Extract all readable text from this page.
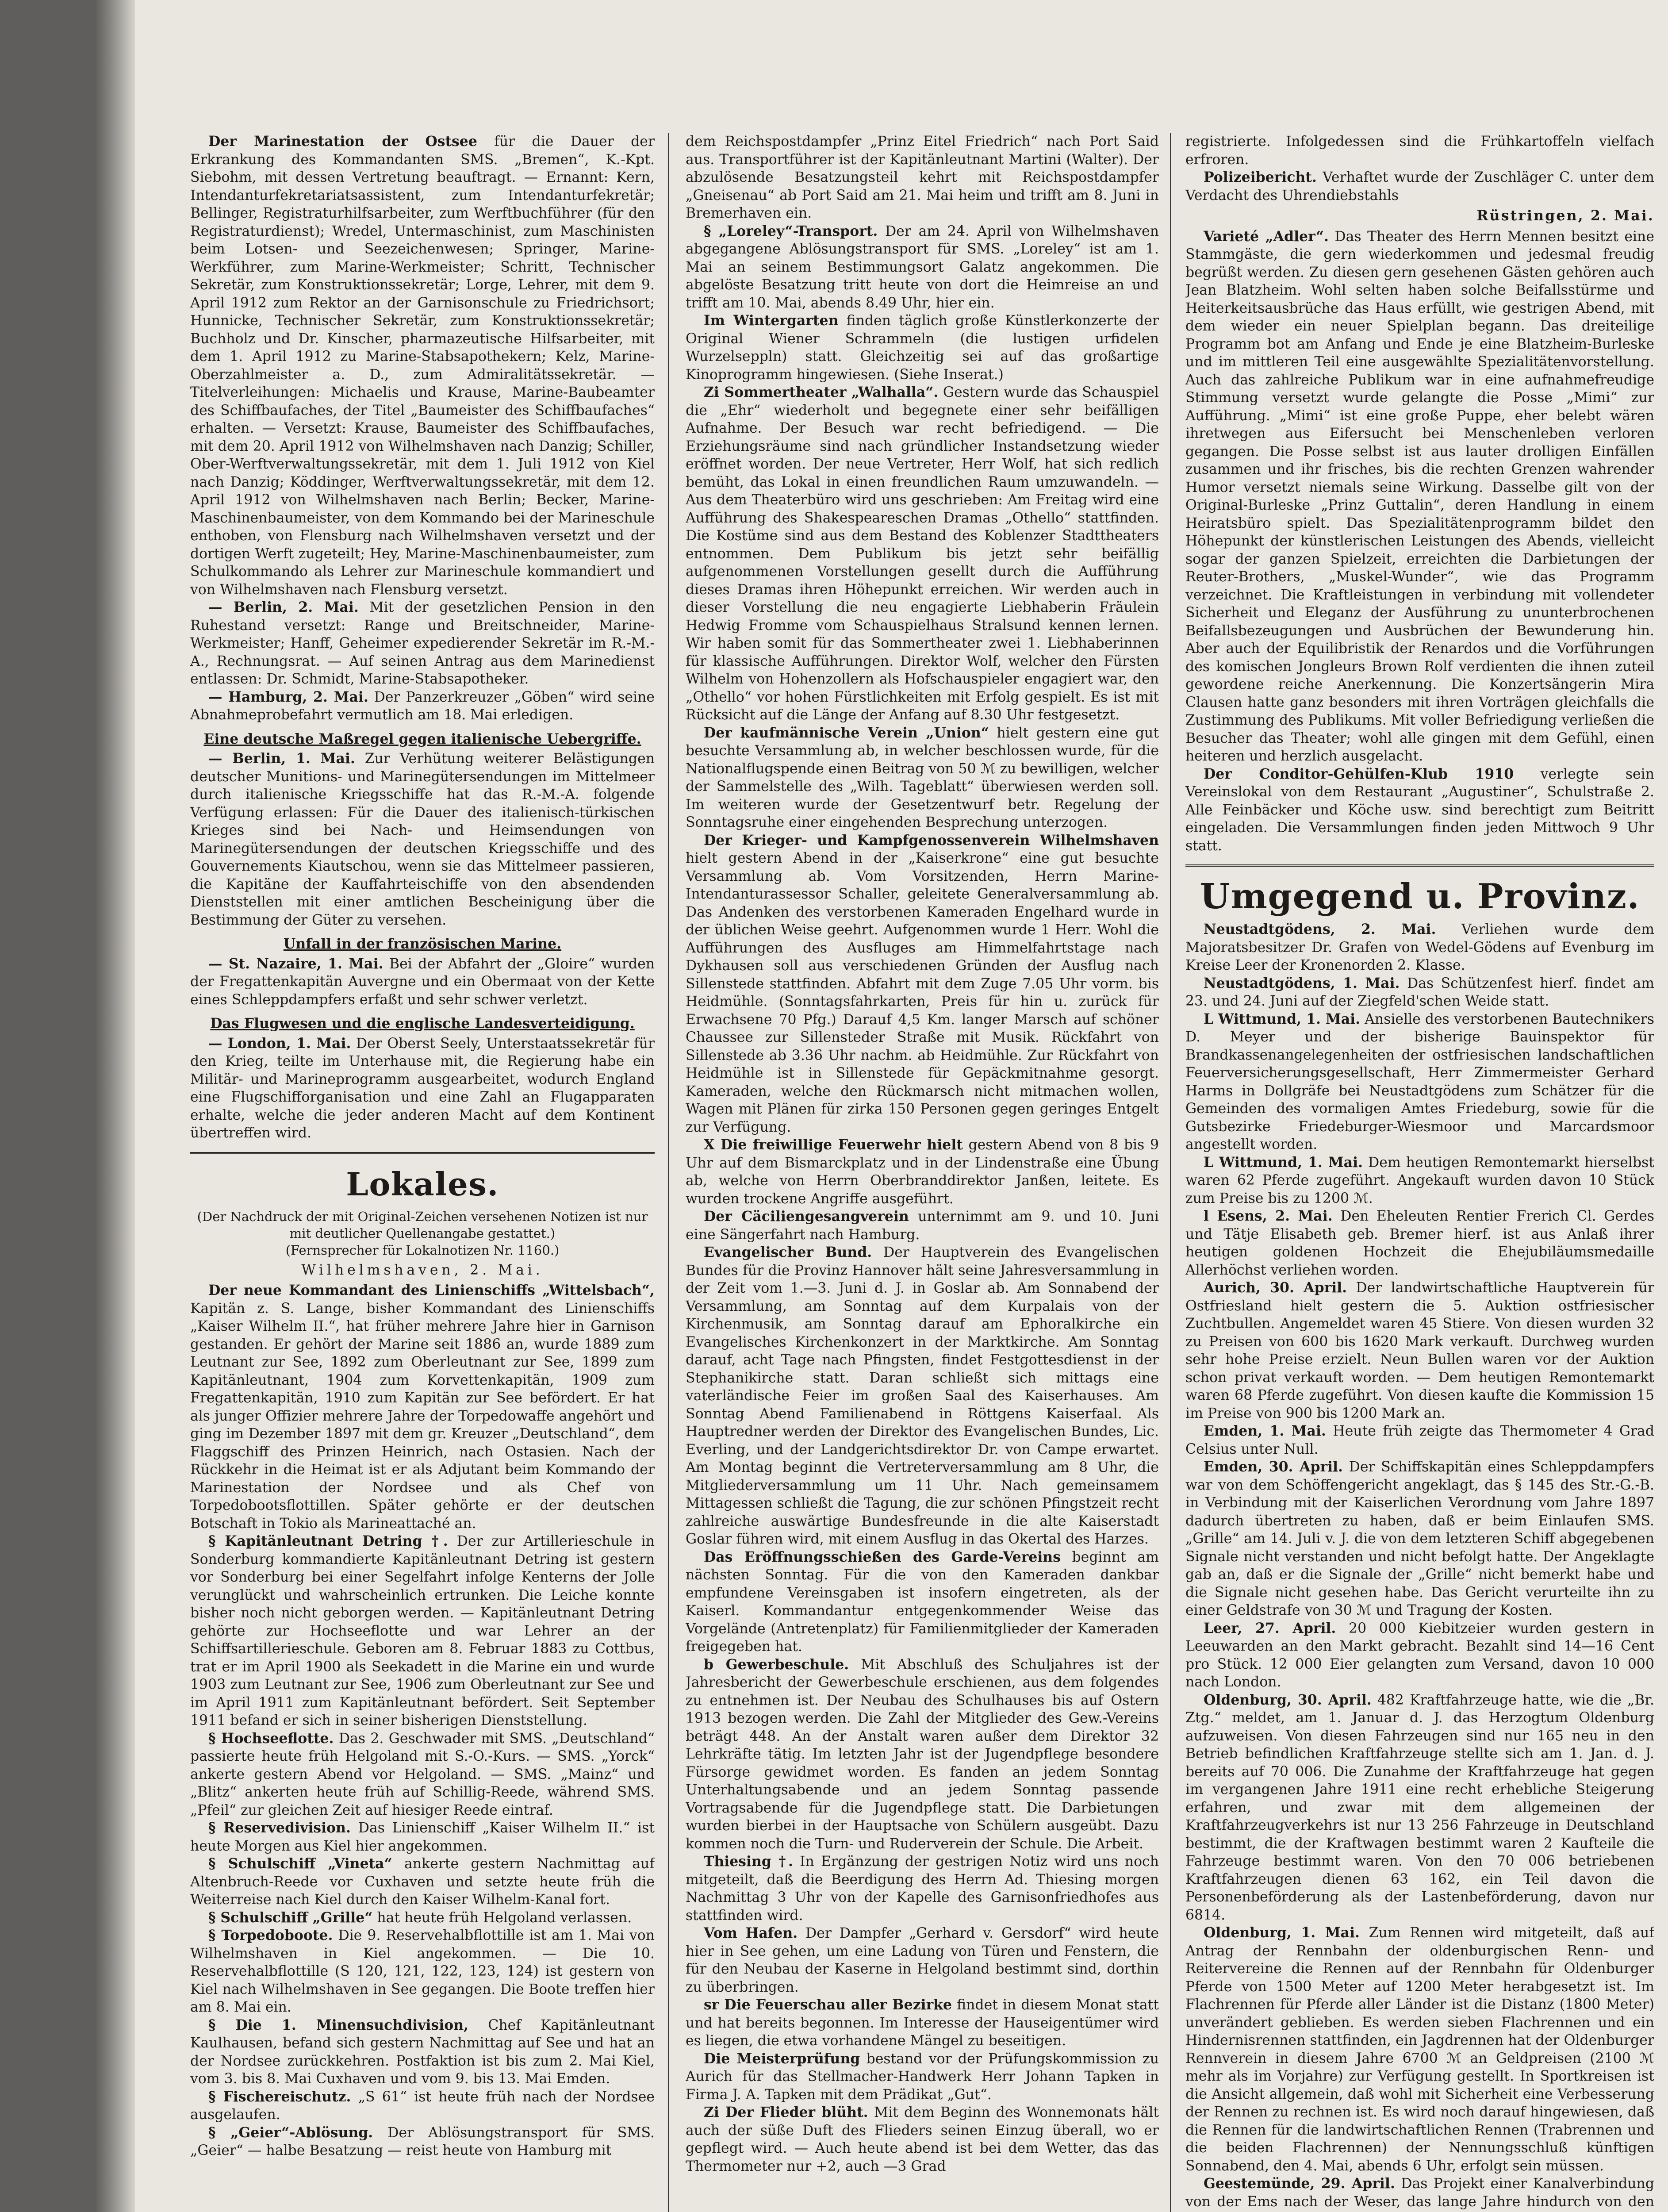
Der Marinestation der Ostsee für die Dauer der Erkrankung des Kommandanten SMS. „Bremen“, K.-Kpt. Siebohm, mit dessen Vertretung beauftragt. — Ernannt: Kern, Intendanturfekretariatsassistent, zum Intendanturfekretär; Bellinger, Registraturhilfsarbeiter, zum Werftbuchführer (für den Registraturdienst); Wredel, Untermaschinist, zum Maschinisten beim Lotsen- und Seezeichenwesen; Springer, Marine-Werkführer, zum Marine-Werkmeister; Schritt, Technischer Sekretär, zum Konstruktionssekretär; Lorge, Lehrer, mit dem 9. April 1912 zum Rektor an der Garnisonschule zu Friedrichsort; Hunnicke, Technischer Sekretär, zum Konstruktionssekretär; Buchholz und Dr. Kinscher, pharmazeutische Hilfsarbeiter, mit dem 1. April 1912 zu Marine-Stabsapothekern; Kelz, Marine-Oberzahlmeister a. D., zum Admiralitätssekretär. — Titelverleihungen: Michaelis und Krause, Marine-Baubeamter des Schiffbaufaches, der Titel „Baumeister des Schiffbaufaches“ erhalten. — Versetzt: Krause, Baumeister des Schiffbaufaches, mit dem 20. April 1912 von Wilhelmshaven nach Danzig; Schiller, Ober-Werftverwaltungssekretär, mit dem 1. Juli 1912 von Kiel nach Danzig; Köddinger, Werftverwaltungssekretär, mit dem 12. April 1912 von Wilhelmshaven nach Berlin; Becker, Marine-Maschinenbaumeister, von dem Kommando bei der Marineschule enthoben, von Flensburg nach Wilhelmshaven versetzt und der dortigen Werft zugeteilt; Hey, Marine-Maschinenbaumeister, zum Schulkommando als Lehrer zur Marineschule kommandiert und von Wilhelmshaven nach Flensburg versetzt.

— Berlin, 2. Mai. Mit der gesetzlichen Pension in den Ruhestand versetzt: Range und Breitschneider, Marine-Werkmeister; Hanff, Geheimer expedierender Sekretär im R.-M.-A., Rechnungsrat. — Auf seinen Antrag aus dem Marinedienst entlassen: Dr. Schmidt, Marine-Stabsapotheker.

— Hamburg, 2. Mai. Der Panzerkreuzer „Göben“ wird seine Abnahmeprobefahrt vermutlich am 18. Mai erledigen.

Eine deutsche Maßregel gegen italienische Uebergriffe.

— Berlin, 1. Mai. Zur Verhütung weiterer Belästigungen deutscher Munitions- und Marinegütersendungen im Mittelmeer durch italienische Kriegsschiffe hat das R.-M.-A. folgende Verfügung erlassen: Für die Dauer des italienisch-türkischen Krieges sind bei Nach- und Heimsendungen von Marinegütersendungen der deutschen Kriegsschiffe und des Gouvernements Kiautschou, wenn sie das Mittelmeer passieren, die Kapitäne der Kauffahrteischiffe von den absendenden Dienststellen mit einer amtlichen Bescheinigung über die Bestimmung der Güter zu versehen.

Unfall in der französischen Marine.

— St. Nazaire, 1. Mai. Bei der Abfahrt der „Gloire“ wurden der Fregattenkapitän Auvergne und ein Obermaat von der Kette eines Schleppdampfers erfaßt und sehr schwer verletzt.

Das Flugwesen und die englische Landesverteidigung.

— London, 1. Mai. Der Oberst Seely, Unterstaatssekretär für den Krieg, teilte im Unterhause mit, die Regierung habe ein Militär- und Marineprogramm ausgearbeitet, wodurch England eine Flugschifforganisation und eine Zahl an Flugapparaten erhalte, welche die jeder anderen Macht auf dem Kontinent übertreffen wird.

Lokales.

(Der Nachdruck der mit Original-Zeichen versehenen Notizen ist nur mit deutlicher Quellenangabe gestattet.)

(Fernsprecher für Lokalnotizen Nr. 1160.)

Wilhelmshaven, 2. Mai.

Der neue Kommandant des Linienschiffs „Wittelsbach“, Kapitän z. S. Lange, bisher Kommandant des Linienschiffs „Kaiser Wilhelm II.“, hat früher mehrere Jahre hier in Garnison gestanden. Er gehört der Marine seit 1886 an, wurde 1889 zum Leutnant zur See, 1892 zum Oberleutnant zur See, 1899 zum Kapitänleutnant, 1904 zum Korvettenkapitän, 1909 zum Fregattenkapitän, 1910 zum Kapitän zur See befördert. Er hat als junger Offizier mehrere Jahre der Torpedowaffe angehört und ging im Dezember 1897 mit dem gr. Kreuzer „Deutschland“, dem Flaggschiff des Prinzen Heinrich, nach Ostasien. Nach der Rückkehr in die Heimat ist er als Adjutant beim Kommando der Marinestation der Nordsee und als Chef von Torpedobootsflottillen. Später gehörte er der deutschen Botschaft in Tokio als Marineattaché an.

§ Kapitänleutnant Detring †. Der zur Artillerieschule in Sonderburg kommandierte Kapitänleutnant Detring ist gestern vor Sonderburg bei einer Segelfahrt infolge Kenterns der Jolle verunglückt und wahrscheinlich ertrunken. Die Leiche konnte bisher noch nicht geborgen werden. — Kapitänleutnant Detring gehörte zur Hochseeflotte und war Lehrer an der Schiffsartillerieschule. Geboren am 8. Februar 1883 zu Cottbus, trat er im April 1900 als Seekadett in die Marine ein und wurde 1903 zum Leutnant zur See, 1906 zum Oberleutnant zur See und im April 1911 zum Kapitänleutnant befördert. Seit September 1911 befand er sich in seiner bisherigen Dienststellung.

§ Hochseeflotte. Das 2. Geschwader mit SMS. „Deutschland“ passierte heute früh Helgoland mit S.-O.-Kurs. — SMS. „Yorck“ ankerte gestern Abend vor Helgoland. — SMS. „Mainz“ und „Blitz“ ankerten heute früh auf Schillig-Reede, während SMS. „Pfeil“ zur gleichen Zeit auf hiesiger Reede eintraf.

§ Reservedivision. Das Linienschiff „Kaiser Wilhelm II.“ ist heute Morgen aus Kiel hier angekommen.

§ Schulschiff „Vineta“ ankerte gestern Nachmittag auf Altenbruch-Reede vor Cuxhaven und setzte heute früh die Weiterreise nach Kiel durch den Kaiser Wilhelm-Kanal fort.

§ Schulschiff „Grille“ hat heute früh Helgoland verlassen.

§ Torpedoboote. Die 9. Reservehalbflottille ist am 1. Mai von Wilhelmshaven in Kiel angekommen. — Die 10. Reservehalbflottille (S 120, 121, 122, 123, 124) ist gestern von Kiel nach Wilhelmshaven in See gegangen. Die Boote treffen hier am 8. Mai ein.

§ Die 1. Minensuchdivision, Chef Kapitänleutnant Kaulhausen, befand sich gestern Nachmittag auf See und hat an der Nordsee zurückkehren. Postfaktion ist bis zum 2. Mai Kiel, vom 3. bis 8. Mai Cuxhaven und vom 9. bis 13. Mai Emden.

§ Fischereischutz. „S 61“ ist heute früh nach der Nordsee ausgelaufen.

§ „Geier“-Ablösung. Der Ablösungstransport für SMS. „Geier“ — halbe Besatzung — reist heute von Hamburg mit

dem Reichspostdampfer „Prinz Eitel Friedrich“ nach Port Said aus. Transportführer ist der Kapitänleutnant Martini (Walter). Der abzulösende Besatzungsteil kehrt mit Reichspostdampfer „Gneisenau“ ab Port Said am 21. Mai heim und trifft am 8. Juni in Bremerhaven ein.

§ „Loreley“-Transport. Der am 24. April von Wilhelmshaven abgegangene Ablösungstransport für SMS. „Loreley“ ist am 1. Mai an seinem Bestimmungsort Galatz angekommen. Die abgelöste Besatzung tritt heute von dort die Heimreise an und trifft am 10. Mai, abends 8.49 Uhr, hier ein.

Im Wintergarten finden täglich große Künstlerkonzerte der Original Wiener Schrammeln (die lustigen urfidelen Wurzelseppln) statt. Gleichzeitig sei auf das großartige Kinoprogramm hingewiesen. (Siehe Inserat.)

Zi Sommertheater „Walhalla“. Gestern wurde das Schauspiel die „Ehr“ wiederholt und begegnete einer sehr beifälligen Aufnahme. Der Besuch war recht befriedigend. — Die Erziehungsräume sind nach gründlicher Instandsetzung wieder eröffnet worden. Der neue Vertreter, Herr Wolf, hat sich redlich bemüht, das Lokal in einen freundlichen Raum umzuwandeln. — Aus dem Theaterbüro wird uns geschrieben: Am Freitag wird eine Aufführung des Shakespeareschen Dramas „Othello“ stattfinden. Die Kostüme sind aus dem Bestand des Koblenzer Stadttheaters entnommen. Dem Publikum bis jetzt sehr beifällig aufgenommenen Vorstellungen gesellt durch die Aufführung dieses Dramas ihren Höhepunkt erreichen. Wir werden auch in dieser Vorstellung die neu engagierte Liebhaberin Fräulein Hedwig Fromme vom Schauspielhaus Stralsund kennen lernen. Wir haben somit für das Sommertheater zwei 1. Liebhaberinnen für klassische Aufführungen. Direktor Wolf, welcher den Fürsten Wilhelm von Hohenzollern als Hofschauspieler engagiert war, den „Othello“ vor hohen Fürstlichkeiten mit Erfolg gespielt. Es ist mit Rücksicht auf die Länge der Anfang auf 8.30 Uhr festgesetzt.

Der kaufmännische Verein „Union“ hielt gestern eine gut besuchte Versammlung ab, in welcher beschlossen wurde, für die Nationalflugspende einen Beitrag von 50 ℳ zu bewilligen, welcher der Sammelstelle des „Wilh. Tageblatt“ überwiesen werden soll. Im weiteren wurde der Gesetzentwurf betr. Regelung der Sonntagsruhe einer eingehenden Besprechung unterzogen.

Der Krieger- und Kampfgenossenverein Wilhelmshaven hielt gestern Abend in der „Kaiserkrone“ eine gut besuchte Versammlung ab. Vom Vorsitzenden, Herrn Marine-Intendanturassessor Schaller, geleitete Generalversammlung ab. Das Andenken des verstorbenen Kameraden Engelhard wurde in der üblichen Weise geehrt. Aufgenommen wurde 1 Herr. Wohl die Aufführungen des Ausfluges am Himmelfahrtstage nach Dykhausen soll aus verschiedenen Gründen der Ausflug nach Sillenstede stattfinden. Abfahrt mit dem Zuge 7.05 Uhr vorm. bis Heidmühle. (Sonntagsfahrkarten, Preis für hin u. zurück für Erwachsene 70 Pfg.) Darauf 4,5 Km. langer Marsch auf schöner Chaussee zur Sillensteder Straße mit Musik. Rückfahrt von Sillenstede ab 3.36 Uhr nachm. ab Heidmühle. Zur Rückfahrt von Heidmühle ist in Sillenstede für Gepäckmitnahme gesorgt. Kameraden, welche den Rückmarsch nicht mitmachen wollen, Wagen mit Plänen für zirka 150 Personen gegen geringes Entgelt zur Verfügung.

X Die freiwillige Feuerwehr hielt gestern Abend von 8 bis 9 Uhr auf dem Bismarckplatz und in der Lindenstraße eine Übung ab, welche von Herrn Oberbranddirektor Janßen, leitete. Es wurden trockene Angriffe ausgeführt.

Der Cäciliengesangverein unternimmt am 9. und 10. Juni eine Sängerfahrt nach Hamburg.

Evangelischer Bund. Der Hauptverein des Evangelischen Bundes für die Provinz Hannover hält seine Jahresversammlung in der Zeit vom 1.—3. Juni d. J. in Goslar ab. Am Sonnabend der Versammlung, am Sonntag auf dem Kurpalais von der Kirchenmusik, am Sonntag darauf am Ephoralkirche ein Evangelisches Kirchenkonzert in der Marktkirche. Am Sonntag darauf, acht Tage nach Pfingsten, findet Festgottesdienst in der Stephanikirche statt. Daran schließt sich mittags eine vaterländische Feier im großen Saal des Kaiserhauses. Am Sonntag Abend Familienabend in Röttgens Kaiserfaal. Als Hauptredner werden der Direktor des Evangelischen Bundes, Lic. Everling, und der Landgerichtsdirektor Dr. von Campe erwartet. Am Montag beginnt die Vertreterversammlung am 8 Uhr, die Mitgliederversammlung um 11 Uhr. Nach gemeinsamem Mittagessen schließt die Tagung, die zur schönen Pfingstzeit recht zahlreiche auswärtige Bundesfreunde in die alte Kaiserstadt Goslar führen wird, mit einem Ausflug in das Okertal des Harzes.

Das Eröffnungsschießen des Garde-Vereins beginnt am nächsten Sonntag. Für die von den Kameraden dankbar empfundene Vereinsgaben ist insofern eingetreten, als der Kaiserl. Kommandantur entgegenkommender Weise das Vorgelände (Antretenplatz) für Familienmitglieder der Kameraden freigegeben hat.

b Gewerbeschule. Mit Abschluß des Schuljahres ist der Jahresbericht der Gewerbeschule erschienen, aus dem folgendes zu entnehmen ist. Der Neubau des Schulhauses bis auf Ostern 1913 bezogen werden. Die Zahl der Mitglieder des Gew.-Vereins beträgt 448. An der Anstalt waren außer dem Direktor 32 Lehrkräfte tätig. Im letzten Jahr ist der Jugendpflege besondere Fürsorge gewidmet worden. Es fanden an jedem Sonntag Unterhaltungsabende und an jedem Sonntag passende Vortragsabende für die Jugendpflege statt. Die Darbietungen wurden bierbei in der Hauptsache von Schülern ausgeübt. Dazu kommen noch die Turn- und Ruderverein der Schule. Die Arbeit.

Thiesing †. In Ergänzung der gestrigen Notiz wird uns noch mitgeteilt, daß die Beerdigung des Herrn Ad. Thiesing morgen Nachmittag 3 Uhr von der Kapelle des Garnisonfriedhofes aus stattfinden wird.

Vom Hafen. Der Dampfer „Gerhard v. Gersdorf“ wird heute hier in See gehen, um eine Ladung von Türen und Fenstern, die für den Neubau der Kaserne in Helgoland bestimmt sind, dorthin zu überbringen.

sr Die Feuerschau aller Bezirke findet in diesem Monat statt und hat bereits begonnen. Im Interesse der Hauseigentümer wird es liegen, die etwa vorhandene Mängel zu beseitigen.

Die Meisterprüfung bestand vor der Prüfungskommission zu Aurich für das Stellmacher-Handwerk Herr Johann Tapken in Firma J. A. Tapken mit dem Prädikat „Gut“.

Zi Der Flieder blüht. Mit dem Beginn des Wonnemonats hält auch der süße Duft des Flieders seinen Einzug überall, wo er gepflegt wird. — Auch heute abend ist bei dem Wetter, das das Thermometer nur +2, auch —3 Grad

registrierte. Infolgedessen sind die Frühkartoffeln vielfach erfroren.

Polizeibericht. Verhaftet wurde der Zuschläger C. unter dem Verdacht des Uhrendiebstahls

Rüstringen, 2. Mai.

Varieté „Adler“. Das Theater des Herrn Mennen besitzt eine Stammgäste, die gern wiederkommen und jedesmal freudig begrüßt werden. Zu diesen gern gesehenen Gästen gehören auch Jean Blatzheim. Wohl selten haben solche Beifallsstürme und Heiterkeitsausbrüche das Haus erfüllt, wie gestrigen Abend, mit dem wieder ein neuer Spielplan begann. Das dreiteilige Programm bot am Anfang und Ende je eine Blatzheim-Burleske und im mittleren Teil eine ausgewählte Spezialitätenvorstellung. Auch das zahlreiche Publikum war in eine aufnahmefreudige Stimmung versetzt wurde gelangte die Posse „Mimi“ zur Aufführung. „Mimi“ ist eine große Puppe, eher belebt wären ihretwegen aus Eifersucht bei Menschenleben verloren gegangen. Die Posse selbst ist aus lauter drolligen Einfällen zusammen und ihr frisches, bis die rechten Grenzen wahrender Humor versetzt niemals seine Wirkung. Dasselbe gilt von der Original-Burleske „Prinz Guttalin“, deren Handlung in einem Heiratsbüro spielt. Das Spezialitätenprogramm bildet den Höhepunkt der künstlerischen Leistungen des Abends, vielleicht sogar der ganzen Spielzeit, erreichten die Darbietungen der Reuter-Brothers, „Muskel-Wunder“, wie das Programm verzeichnet. Die Kraftleistungen in verbindung mit vollendeter Sicherheit und Eleganz der Ausführung zu ununterbrochenen Beifallsbezeugungen und Ausbrüchen der Bewunderung hin. Aber auch der Equilibristik der Renardos und die Vorführungen des komischen Jongleurs Brown Rolf verdienten die ihnen zuteil gewordene reiche Anerkennung. Die Konzertsängerin Mira Clausen hatte ganz besonders mit ihren Vorträgen gleichfalls die Zustimmung des Publikums. Mit voller Befriedigung verließen die Besucher das Theater; wohl alle gingen mit dem Gefühl, einen heiteren und herzlich ausgelacht.

Der Conditor-Gehülfen-Klub 1910 verlegte sein Vereinslokal von dem Restaurant „Augustiner“, Schulstraße 2. Alle Feinbäcker und Köche usw. sind berechtigt zum Beitritt eingeladen. Die Versammlungen finden jeden Mittwoch 9 Uhr statt.

Umgegend u. Provinz.

Neustadtgödens, 2. Mai. Verliehen wurde dem Majoratsbesitzer Dr. Grafen von Wedel-Gödens auf Evenburg im Kreise Leer der Kronenorden 2. Klasse.

Neustadtgödens, 1. Mai. Das Schützenfest hierf. findet am 23. und 24. Juni auf der Ziegfeld'schen Weide statt.

L Wittmund, 1. Mai. Ansielle des verstorbenen Bautechnikers D. Meyer und der bisherige Bauinspektor für Brandkassenangelegenheiten der ostfriesischen landschaftlichen Feuerversicherungsgesellschaft, Herr Zimmermeister Gerhard Harms in Dollgräfe bei Neustadtgödens zum Schätzer für die Gemeinden des vormaligen Amtes Friedeburg, sowie für die Gutsbezirke Friedeburger-Wiesmoor und Marcardsmoor angestellt worden.

L Wittmund, 1. Mai. Dem heutigen Remontemarkt hierselbst waren 62 Pferde zugeführt. Angekauft wurden davon 10 Stück zum Preise bis zu 1200 ℳ.

l Esens, 2. Mai. Den Eheleuten Rentier Frerich Cl. Gerdes und Tätje Elisabeth geb. Bremer hierf. ist aus Anlaß ihrer heutigen goldenen Hochzeit die Ehejubiläumsmedaille Allerhöchst verliehen worden.

Aurich, 30. April. Der landwirtschaftliche Hauptverein für Ostfriesland hielt gestern die 5. Auktion ostfriesischer Zuchtbullen. Angemeldet waren 45 Stiere. Von diesen wurden 32 zu Preisen von 600 bis 1620 Mark verkauft. Durchweg wurden sehr hohe Preise erzielt. Neun Bullen waren vor der Auktion schon privat verkauft worden. — Dem heutigen Remontemarkt waren 68 Pferde zugeführt. Von diesen kaufte die Kommission 15 im Preise von 900 bis 1200 Mark an.

Emden, 1. Mai. Heute früh zeigte das Thermometer 4 Grad Celsius unter Null.

Emden, 30. April. Der Schiffskapitän eines Schleppdampfers war von dem Schöffengericht angeklagt, das § 145 des Str.-G.-B. in Verbindung mit der Kaiserlichen Verordnung vom Jahre 1897 dadurch übertreten zu haben, daß er beim Einlaufen SMS. „Grille“ am 14. Juli v. J. die von dem letzteren Schiff abgegebenen Signale nicht verstanden und nicht befolgt hatte. Der Angeklagte gab an, daß er die Signale der „Grille“ nicht bemerkt habe und die Signale nicht gesehen habe. Das Gericht verurteilte ihn zu einer Geldstrafe von 30 ℳ und Tragung der Kosten.

Leer, 27. April. 20 000 Kiebitzeier wurden gestern in Leeuwarden an den Markt gebracht. Bezahlt sind 14—16 Cent pro Stück. 12 000 Eier gelangten zum Versand, davon 10 000 nach London.

Oldenburg, 30. April. 482 Kraftfahrzeuge hatte, wie die „Br. Ztg.“ meldet, am 1. Januar d. J. das Herzogtum Oldenburg aufzuweisen. Von diesen Fahrzeugen sind nur 165 neu in den Betrieb befindlichen Kraftfahrzeuge stellte sich am 1. Jan. d. J. bereits auf 70 006. Die Zunahme der Kraftfahrzeuge hat gegen im vergangenen Jahre 1911 eine recht erhebliche Steigerung erfahren, und zwar mit dem allgemeinen der Kraftfahrzeugverkehrs ist nur 13 256 Fahrzeuge in Deutschland bestimmt, die der Kraftwagen bestimmt waren 2 Kaufteile die Fahrzeuge bestimmt waren. Von den 70 006 betriebenen Kraftfahrzeugen dienen 63 162, ein Teil davon die Personenbeförderung als der Lastenbeförderung, davon nur 6814.

Oldenburg, 1. Mai. Zum Rennen wird mitgeteilt, daß auf Antrag der Rennbahn der oldenburgischen Renn- und Reitervereine die Rennen auf der Rennbahn für Oldenburger Pferde von 1500 Meter auf 1200 Meter herabgesetzt ist. Im Flachrennen für Pferde aller Länder ist die Distanz (1800 Meter) unverändert geblieben. Es werden sieben Flachrennen und ein Hindernisrennen stattfinden, ein Jagdrennen hat der Oldenburger Rennverein in diesem Jahre 6700 ℳ an Geldpreisen (2100 ℳ mehr als im Vorjahre) zur Verfügung gestellt. In Sportkreisen ist die Ansicht allgemein, daß wohl mit Sicherheit eine Verbesserung der Rennen zu rechnen ist. Es wird noch darauf hingewiesen, daß die Rennen für die landwirtschaftlichen Rennen (Trabrennen und die beiden Flachrennen) der Nennungsschluß künftigen Sonnabend, den 4. Mai, abends 6 Uhr, erfolgt sein müssen.

Geestemünde, 29. April. Das Projekt einer Kanalverbindung von der Ems nach der Weser, das lange Jahre hindurch von den
